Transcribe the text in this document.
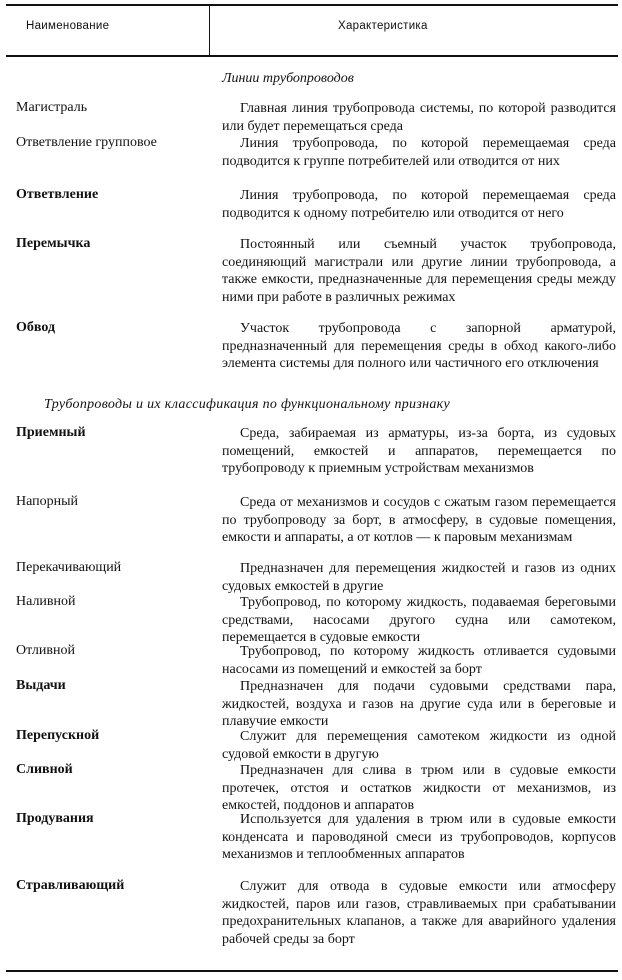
Наименование	Характеристика
Линии трубопроводов
Магистраль	Главная линия трубопровода системы, по которой разводится или будет перемещаться среда
Ответвление групповое	Линия трубопровода, по которой перемещаемая среда подводится к группе потребителей или отводится от них
Ответвление	Линия трубопровода, по которой перемещаемая среда подводится к одному потребителю или отводится от него
Перемычка	Постоянный или съемный участок трубопровода, соединяющий магистрали или другие линии трубопровода, а также емкости, предназначенные для перемещения среды между ними при работе в различных режимах
Обвод	Участок трубопровода с запорной арматурой, предназначенный для перемещения среды в обход какого-либо элемента системы для полного или частичного его отключения
Трубопроводы и их классификация по функциональному признаку
Приемный	Среда, забираемая из арматуры, из-за борта, из судовых помещений, емкостей и аппаратов, перемещается по трубопроводу к приемным устройствам механизмов
Напорный	Среда от механизмов и сосудов с сжатым газом перемещается по трубопроводу за борт, в атмосферу, в судовые помещения, емкости и аппараты, а от котлов — к паровым механизмам
Перекачивающий	Предназначен для перемещения жидкостей и газов из одних судовых емкостей в другие
Наливной	Трубопровод, по которому жидкость, подаваемая береговыми средствами, насосами другого судна или самотеком, перемещается в судовые емкости
Отливной	Трубопровод, по которому жидкость отливается судовыми насосами из помещений и емкостей за борт
Выдачи	Предназначен для подачи судовыми средствами пара, жидкостей, воздуха и газов на другие суда или в береговые и плавучие емкости
Перепускной	Служит для перемещения самотеком жидкости из одной судовой емкости в другую
Сливной	Предназначен для слива в трюм или в судовые емкости протечек, отстоя и остатков жидкости от механизмов, из емкостей, поддонов и аппаратов
Продувания	Используется для удаления в трюм или в судовые емкости конденсата и пароводяной смеси из трубопроводов, корпусов механизмов и теплообменных аппаратов
Стравливающий	Служит для отвода в судовые емкости или атмосферу жидкостей, паров или газов, стравливаемых при срабатывании предохранительных клапанов, а также для аварийного удаления рабочей среды за борт
